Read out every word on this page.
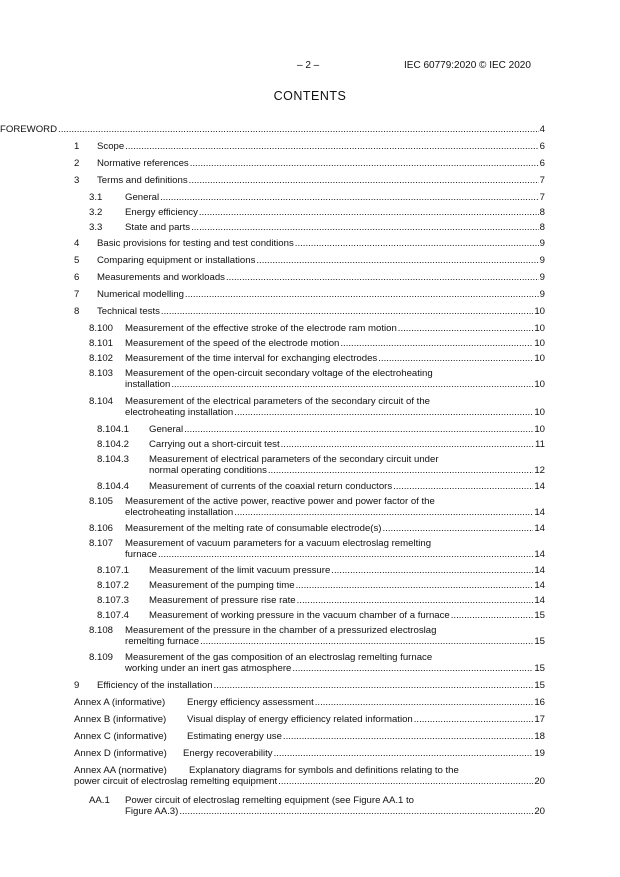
– 2 –	IEC 60779:2020 © IEC 2020
CONTENTS
FOREWORD .....	4
1 Scope .....	6
2 Normative references .....	6
3 Terms and definitions .....	7
3.1 General .....	7
3.2 Energy efficiency .....	8
3.3 State and parts .....	8
4 Basic provisions for testing and test conditions .....	9
5 Comparing equipment or installations .....	9
6 Measurements and workloads .....	9
7 Numerical modelling .....	9
8 Technical tests .....	10
8.100 Measurement of the effective stroke of the electrode ram motion .....	10
8.101 Measurement of the speed of the electrode motion .....	10
8.102 Measurement of the time interval for exchanging electrodes .....	10
8.103 Measurement of the open-circuit secondary voltage of the electroheating
installation .....	10
8.104 Measurement of the electrical parameters of the secondary circuit of the
electroheating installation .....	10
8.104.1 General .....	10
8.104.2 Carrying out a short-circuit test .....	11
8.104.3 Measurement of electrical parameters of the secondary circuit under
normal operating conditions .....	12
8.104.4 Measurement of currents of the coaxial return conductors .....	14
8.105 Measurement of the active power, reactive power and power factor of the
electroheating installation .....	14
8.106 Measurement of the melting rate of consumable electrode(s) .....	14
8.107 Measurement of vacuum parameters for a vacuum electroslag remelting
furnace .....	14
8.107.1 Measurement of the limit vacuum pressure .....	14
8.107.2 Measurement of the pumping time .....	14
8.107.3 Measurement of pressure rise rate .....	14
8.107.4 Measurement of working pressure in the vacuum chamber of a furnace .....	15
8.108 Measurement of the pressure in the chamber of a pressurized electroslag
remelting furnace .....	15
8.109 Measurement of the gas composition of an electroslag remelting furnace
working under an inert gas atmosphere .....	15
9 Efficiency of the installation .....	15
Annex A (informative) Energy efficiency assessment .....	16
Annex B (informative) Visual display of energy efficiency related information .....	17
Annex C (informative) Estimating energy use .....	18
Annex D (informative) Energy recoverability .....	19
Annex AA (normative) Explanatory diagrams for symbols and definitions relating to the
power circuit of electroslag remelting equipment .....	20
AA.1 Power circuit of electroslag remelting equipment (see Figure AA.1 to
Figure AA.3) .....	20
